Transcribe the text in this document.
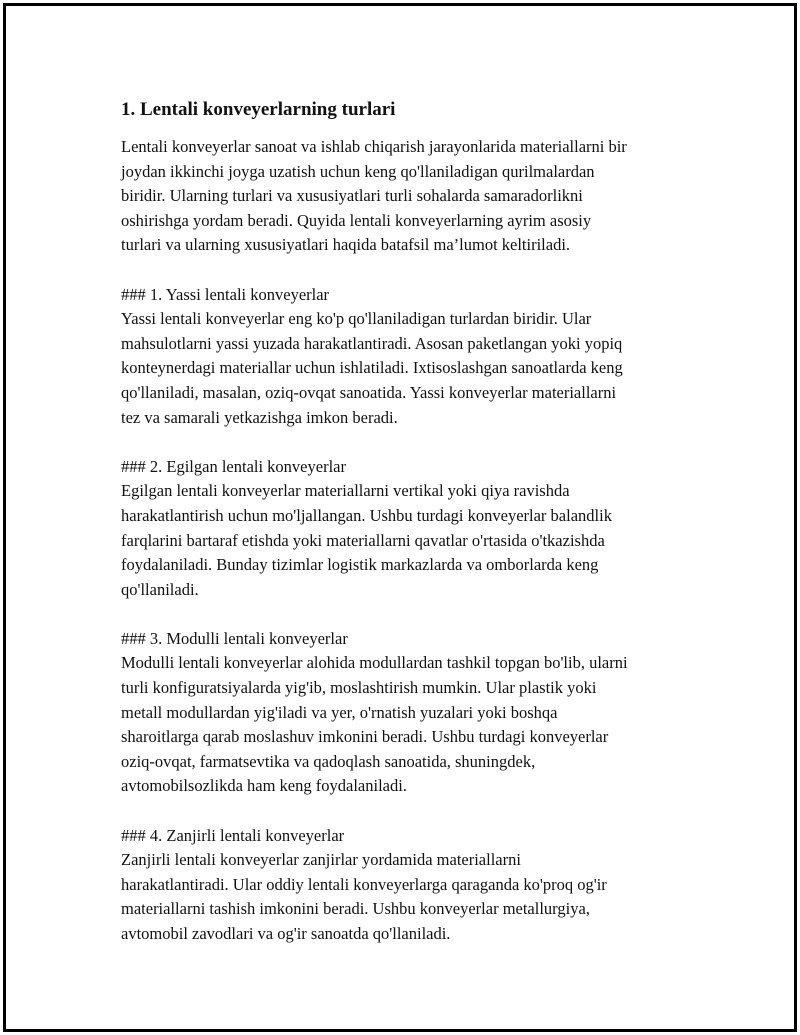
1. Lentali konveyerlarning turlari

Lentali konveyerlar sanoat va ishlab chiqarish jarayonlarida materiallarni bir
joydan ikkinchi joyga uzatish uchun keng qo'llaniladigan qurilmalardan
biridir. Ularning turlari va xususiyatlari turli sohalarda samaradorlikni
oshirishga yordam beradi. Quyida lentali konveyerlarning ayrim asosiy
turlari va ularning xususiyatlari haqida batafsil ma’lumot keltiriladi.

### 1. Yassi lentali konveyerlar

Yassi lentali konveyerlar eng ko'p qo'llaniladigan turlardan biridir. Ular
mahsulotlarni yassi yuzada harakatlantiradi. Asosan paketlangan yoki yopiq
konteynerdagi materiallar uchun ishlatiladi. Ixtisoslashgan sanoatlarda keng
qo'llaniladi, masalan, oziq-ovqat sanoatida. Yassi konveyerlar materiallarni
tez va samarali yetkazishga imkon beradi.

### 2. Egilgan lentali konveyerlar

Egilgan lentali konveyerlar materiallarni vertikal yoki qiya ravishda
harakatlantirish uchun mo'ljallangan. Ushbu turdagi konveyerlar balandlik
farqlarini bartaraf etishda yoki materiallarni qavatlar o'rtasida o'tkazishda
foydalaniladi. Bunday tizimlar logistik markazlarda va omborlarda keng
qo'llaniladi.

### 3. Modulli lentali konveyerlar

Modulli lentali konveyerlar alohida modullardan tashkil topgan bo'lib, ularni
turli konfiguratsiyalarda yig'ib, moslashtirish mumkin. Ular plastik yoki
metall modullardan yig'iladi va yer, o'rnatish yuzalari yoki boshqa
sharoitlarga qarab moslashuv imkonini beradi. Ushbu turdagi konveyerlar
oziq-ovqat, farmatsevtika va qadoqlash sanoatida, shuningdek,
avtomobilsozlikda ham keng foydalaniladi.

### 4. Zanjirli lentali konveyerlar

Zanjirli lentali konveyerlar zanjirlar yordamida materiallarni
harakatlantiradi. Ular oddiy lentali konveyerlarga qaraganda ko'proq og'ir
materiallarni tashish imkonini beradi. Ushbu konveyerlar metallurgiya,
avtomobil zavodlari va og'ir sanoatda qo'llaniladi.
